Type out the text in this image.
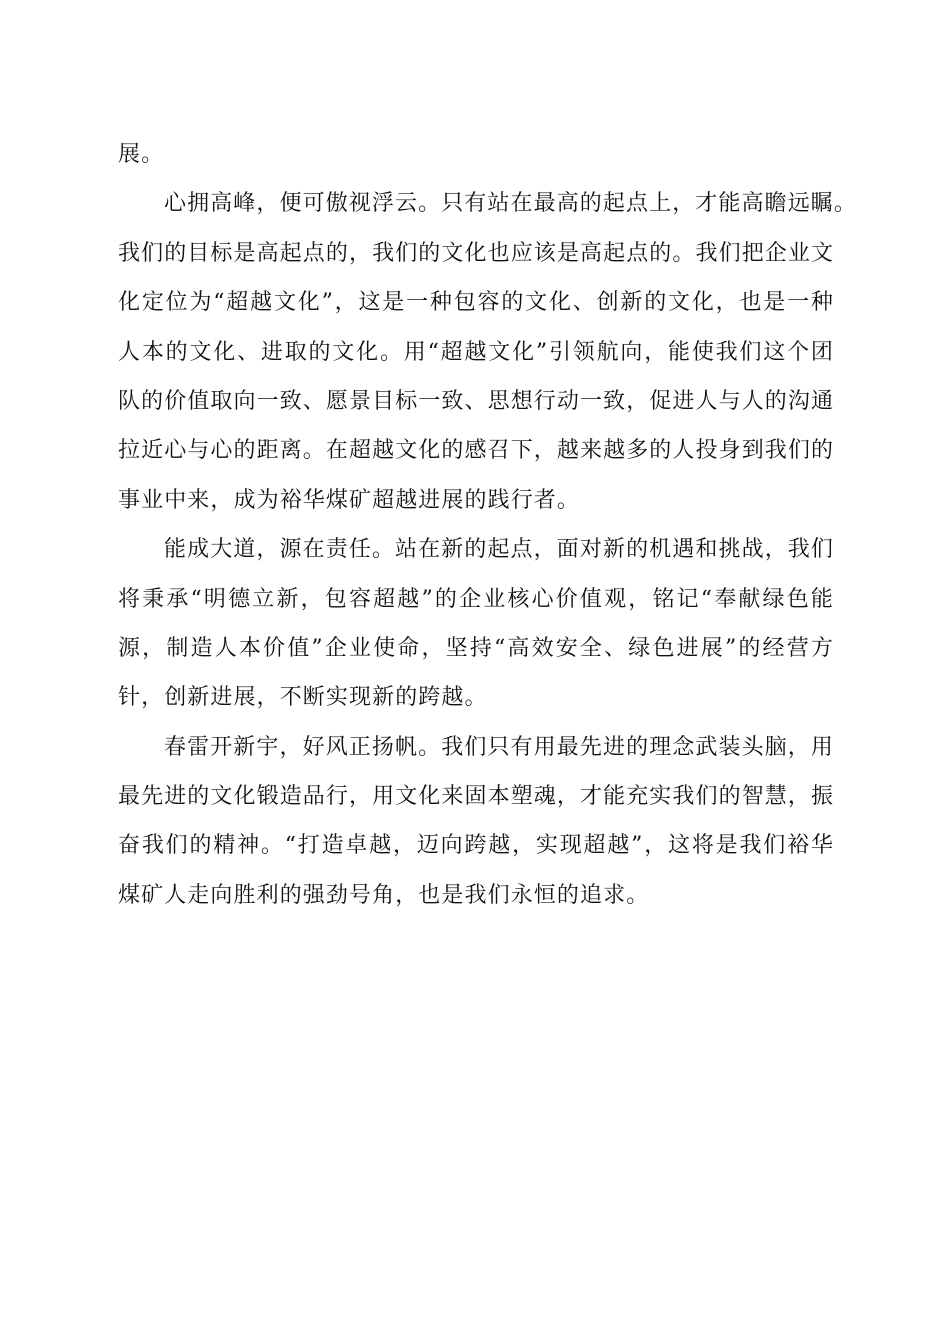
展。
心拥高峰，便可傲视浮云。只有站在最高的起点上，才能高瞻远瞩。
我们的目标是高起点的，我们的文化也应该是高起点的。我们把企业文
化定位为“超越文化”，这是一种包容的文化、创新的文化，也是一种
人本的文化、进取的文化。用“超越文化”引领航向，能使我们这个团
队的价值取向一致、愿景目标一致、思想行动一致，促进人与人的沟通
拉近心与心的距离。在超越文化的感召下，越来越多的人投身到我们的
事业中来，成为裕华煤矿超越进展的践行者。
能成大道，源在责任。站在新的起点，面对新的机遇和挑战，我们
将秉承“明德立新，包容超越”的企业核心价值观，铭记“奉献绿色能
源，制造人本价值”企业使命，坚持“高效安全、绿色进展”的经营方
针，创新进展，不断实现新的跨越。
春雷开新宇，好风正扬帆。我们只有用最先进的理念武装头脑，用
最先进的文化锻造品行，用文化来固本塑魂，才能充实我们的智慧，振
奋我们的精神。“打造卓越，迈向跨越，实现超越”，这将是我们裕华
煤矿人走向胜利的强劲号角，也是我们永恒的追求。
